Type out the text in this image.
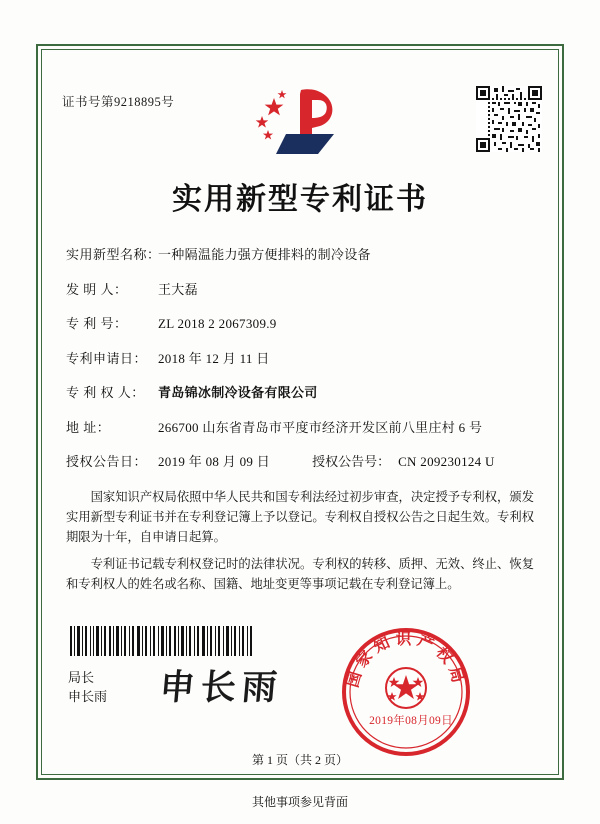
证书号第9218895号
实用新型专利证书
实用新型名称：
一种隔温能力强方便排料的制冷设备
发 明 人：	王大磊
专 利 号：	ZL 2018 2 2067309.9
专利申请日： 2018 年 12 月 11 日
专 利 权 人：	青岛锦冰制冷设备有限公司
地 址：	266700 山东省青岛市平度市经济开发区前八里庄村 6 号
授权公告日： 2019 年 08 月 09 日	授权公告号： CN 209230124 U

国家知识产权局依照中华人民共和国专利法经过初步审查，决定授予专利权，颁发实用新型专利证书并在专利登记簿上予以登记。专利权自授权公告之日起生效。专利权期限为十年，自申请日起算。

专利证书记载专利权登记时的法律状况。专利权的转移、质押、无效、终止、恢复和专利权人的姓名或名称、国籍、地址变更等事项记载在专利登记簿上。

局长
申长雨 申长雨	国家知识产权局
2019年08月09日
第 1 页（共 2 页）
其他事项参见背面
